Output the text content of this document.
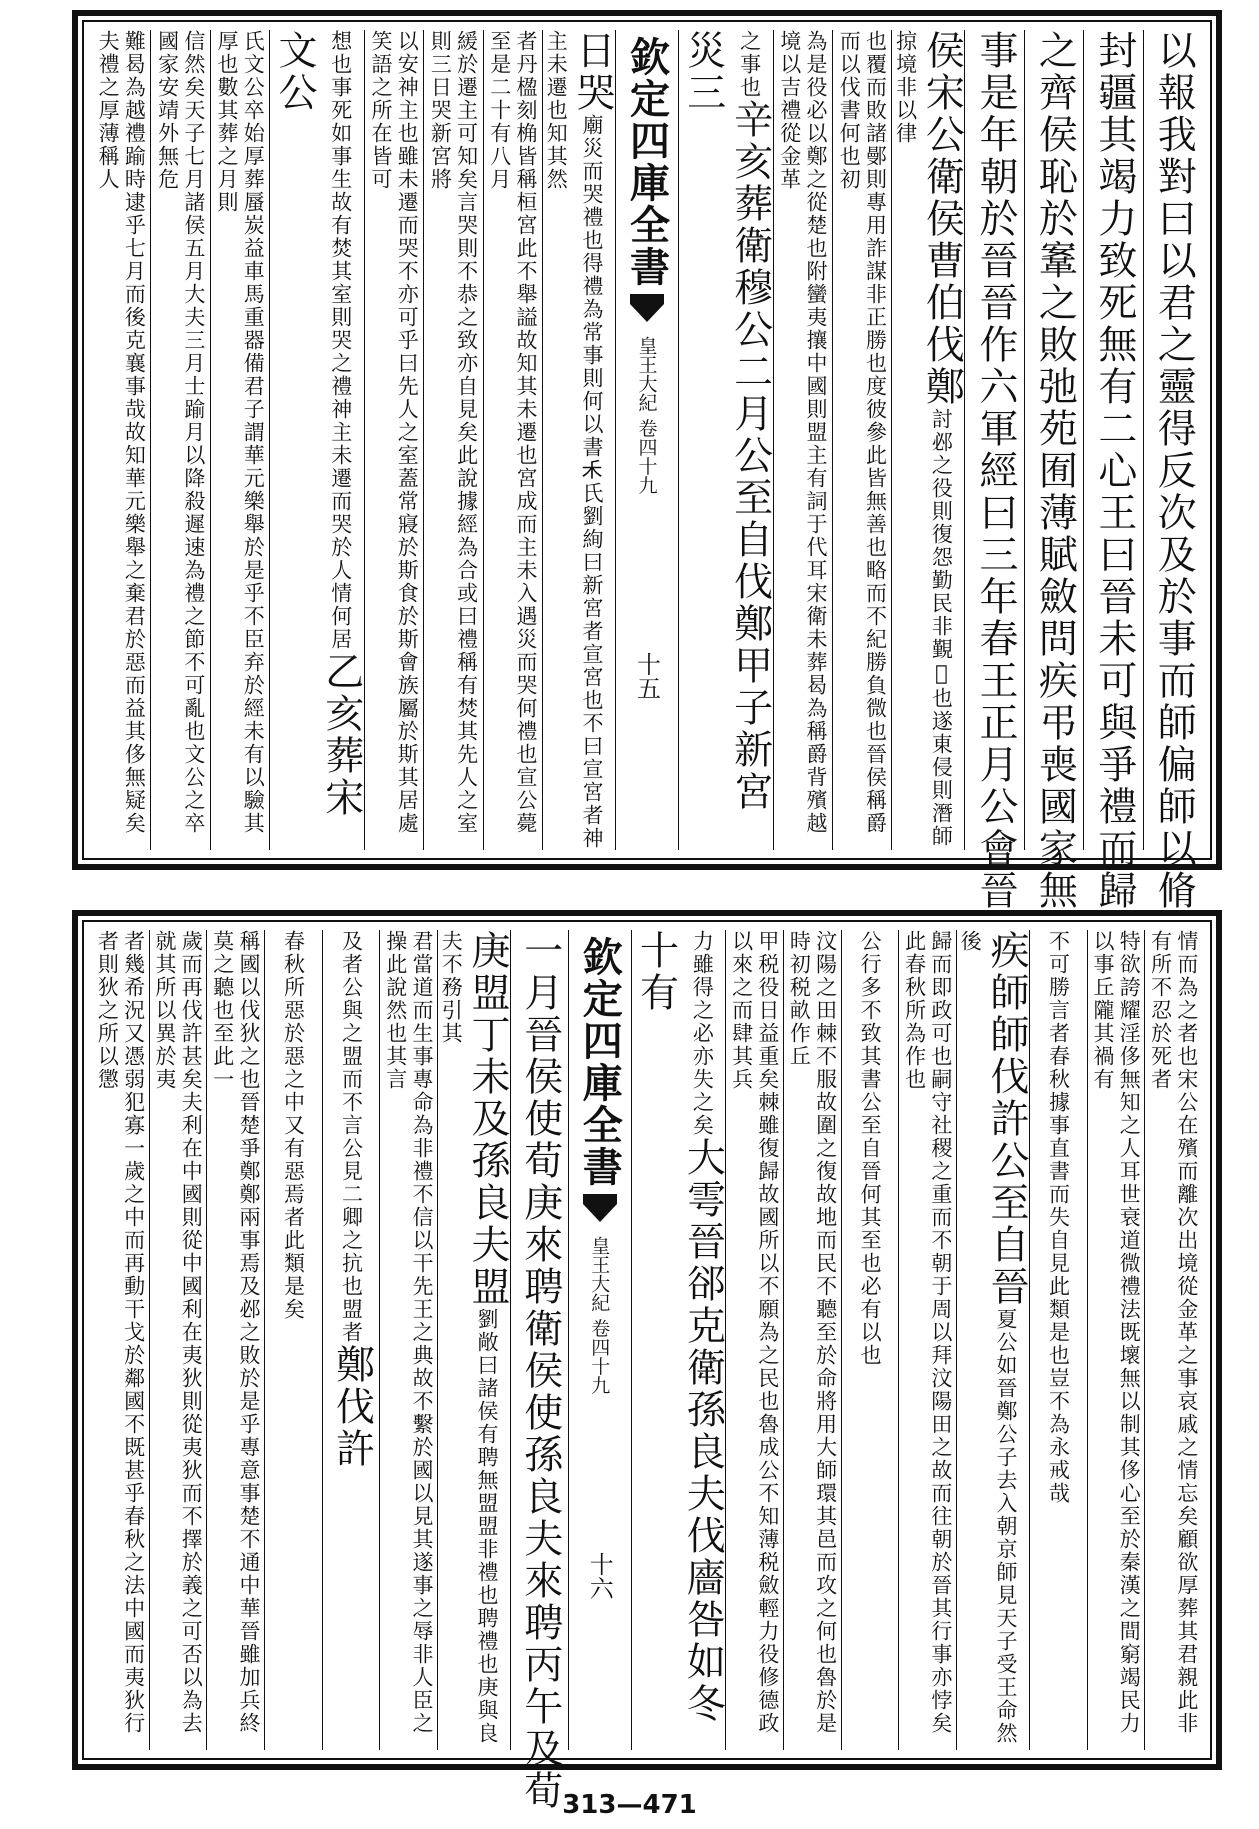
以報我對曰以君之靈得反次及於事而師偏師以脩
封疆其竭力致死無有二心王曰晉未可與爭禮而歸
之齊侯恥於鞌之敗弛苑囿薄賦斂問疾弔喪國家無
事是年朝於晉晉作六軍經曰三年春王正月公會晉
侯宋公衛侯曹伯伐鄭討邲之役則復怨勤民非覲𨞒也遂東侵則潛師掠境非以律
也覆而敗諸鄤則專用詐謀非正勝也度彼參此皆無善也略而不紀勝負微也晉侯稱爵而以伐書何也初
為是役必以鄭之從楚也附蠻夷攘中國則盟主有詞于代耳宋衛未葬曷為稱爵背殯越境以吉禮從金革
之事也辛亥葬衛穆公二月公至自伐鄭甲子新宮災三
欽定四庫全書
皇王大紀 卷四十九
十五
日哭廟災而哭禮也得禮為常事則何以書𥝌氏劉絢曰新宮者宣宮也不曰宣宮者神主未遷也知其然
者丹楹刻桷皆稱桓宮此不舉謚故知其未遷也宮成而主未入遇災而哭何禮也宣公薨至是二十有八月
緩於遷主可知矣言哭則不恭之致亦自見矣此說據經為合或曰禮稱有焚其先人之室則三日哭新宮將
以安神主也雖未遷而哭不亦可乎曰先人之室蓋常寢於斯食於斯會族屬於斯其居處笑語之所在皆可
想也事死如事生故有焚其室則哭之禮神主未遷而哭於人情何居乙亥葬宋文公
氏文公卒始厚葬蜃炭益車馬重器備君子謂華元樂舉於是乎不臣弃於經未有以驗其厚也數其葬之月則
信然矣天子七月諸侯五月大夫三月士踰月以降殺遲速為禮之節不可亂也文公之卒國家安靖外無危
難曷為越禮踰時逮乎七月而後克襄事哉故知華元樂舉之棄君於惡而益其侈無疑矣夫禮之厚薄稱人
情而為之者也宋公在殯而離次出境從金革之事哀戚之情忘矣顧欲厚葬其君親此非有所不忍於死者
特欲誇耀淫侈無知之人耳世衰道微禮法既壞無以制其侈心至於秦漢之間窮竭民力以事丘隴其禍有
不可勝言者春秋據事直書而失自見此類是也豈不為永戒哉
疾師師伐許公至自晉夏公如晉鄭公子去入朝京師見天子受王命然後
歸而即政可也嗣守社稷之重而不朝于周以拜汶陽田之故而往朝於晉其行事亦悖矣此春秋所為作也
公行多不致其書公至自晉何其至也必有以也
汶陽之田棘不服故圍之復故地而民不聽至於命將用大師環其邑而攻之何也魯於是時初税畝作丘
甲税役日益重矣棘雖復歸故國所以不願為之民也魯成公不知薄税斂輕力役修德政以來之而肆其兵
力雖得之必亦失之矣大雩晉郤克衛孫良夫伐廧咎如冬十有
欽定四庫全書
皇王大紀 卷四十九
十六
一月晉侯使荀庚來聘衛侯使孫良夫來聘丙午及荀
庚盟丁未及孫良夫盟劉敞曰諸侯有聘無盟盟非禮也聘禮也庚與良夫不務引其
君當道而生事專命為非禮不信以干先王之典故不繫於國以見其遂事之辱非人臣之操此說然也其言
及者公與之盟而不言公見二卿之抗也盟者鄭伐許
春秋所惡於惡之中又有惡焉者此類是矣
稱國以伐狄之也晉楚爭鄭鄭兩事焉及邲之敗於是乎專意事楚不通中華晉雖加兵終莫之聽也至此一
歲而再伐許甚矣夫利在中國則從中國利在夷狄則從夷狄而不擇於義之可否以為去就其所以異於夷
者幾希況又憑弱犯寡一歲之中而再動干戈於鄰國不既甚乎春秋之法中國而夷狄行者則狄之所以懲
313—471
